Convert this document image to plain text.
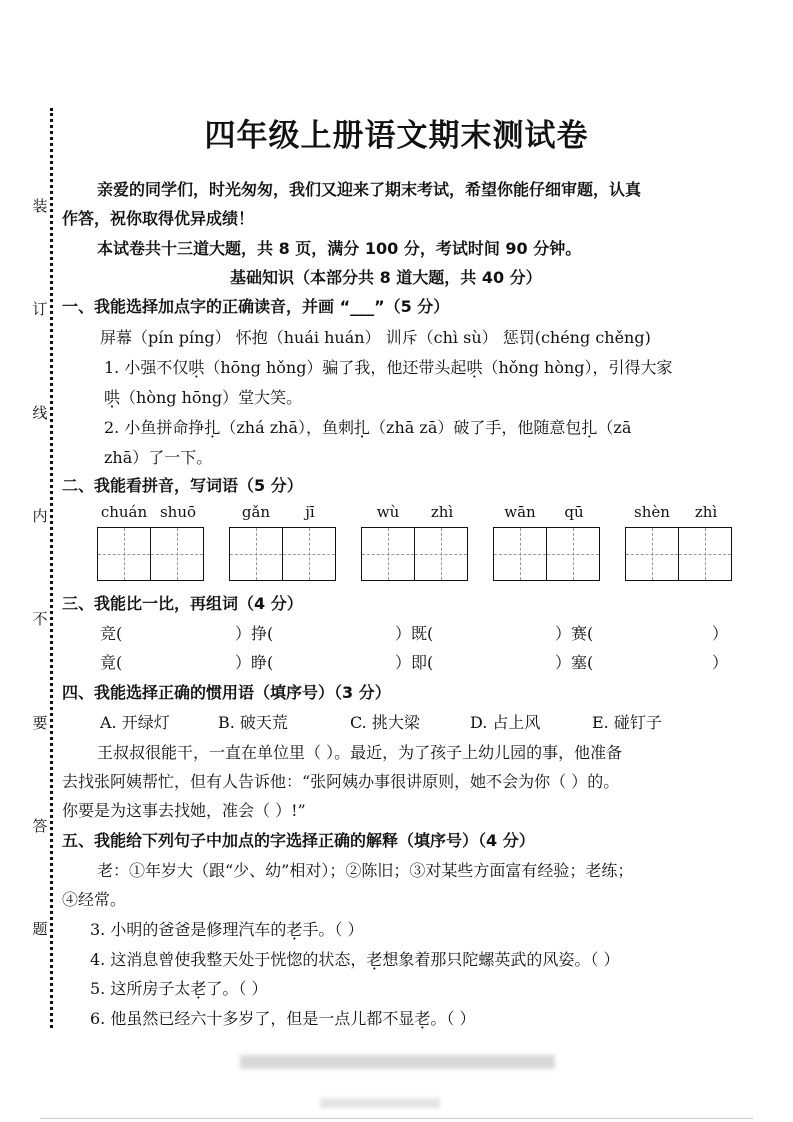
装
订
线
内
不
要
答
题
四年级上册语文期末测试卷
亲爱的同学们，时光匆匆，我们又迎来了期末考试，希望你能仔细审题，认真
作答，祝你取得优异成绩！
本试卷共十三道大题，共 8 页，满分 100 分，考试时间 90 分钟。
基础知识（本部分共 8 道大题，共 40 分）
一、我能选择加点字的正确读音，并画 “___”（5 分）
屏幕（pín píng） 怀抱（huái huán） 训斥（chì sù） 惩罚(chéng chěng)
1. 小强不仅哄（hōng hǒng）骗了我，他还带头起哄（hǒng hòng），引得大家
哄（hòng hōng）堂大笑。
2. 小鱼拼命挣扎（zhá zhā），鱼刺扎（zhā zā）破了手，他随意包扎（zā
zhā）了一下。
二、我能看拼音，写词语（5 分）
chuán shuō	gǎn	jī	wù	zhì	wān	qū	shèn	zhì
三、我能比一比，再组词（4 分）
竞(	）挣(	）既(	）赛(	）
竟(	）睁(	）即(	）塞(	）
四、我能选择正确的惯用语（填序号）（3 分）
A. 开绿灯	B. 破天荒	C. 挑大梁	D. 占上风	E. 碰钉子
王叔叔很能干，一直在单位里（ ）。最近，为了孩子上幼儿园的事，他准备
去找张阿姨帮忙，但有人告诉他：“张阿姨办事很讲原则，她不会为你（ ）的。
你要是为这事去找她，准会（ ）!”
五、我能给下列句子中加点的字选择正确的解释（填序号）（4 分）
老：①年岁大（跟“少、幼”相对）；②陈旧；③对某些方面富有经验；老练；
④经常。
3. 小明的爸爸是修理汽车的老手。（ ）
4. 这消息曾使我整天处于恍惚的状态，老想象着那只陀螺英武的风姿。（ ）
5. 这所房子太老了。（ ）
6. 他虽然已经六十多岁了，但是一点儿都不显老。（ ）
